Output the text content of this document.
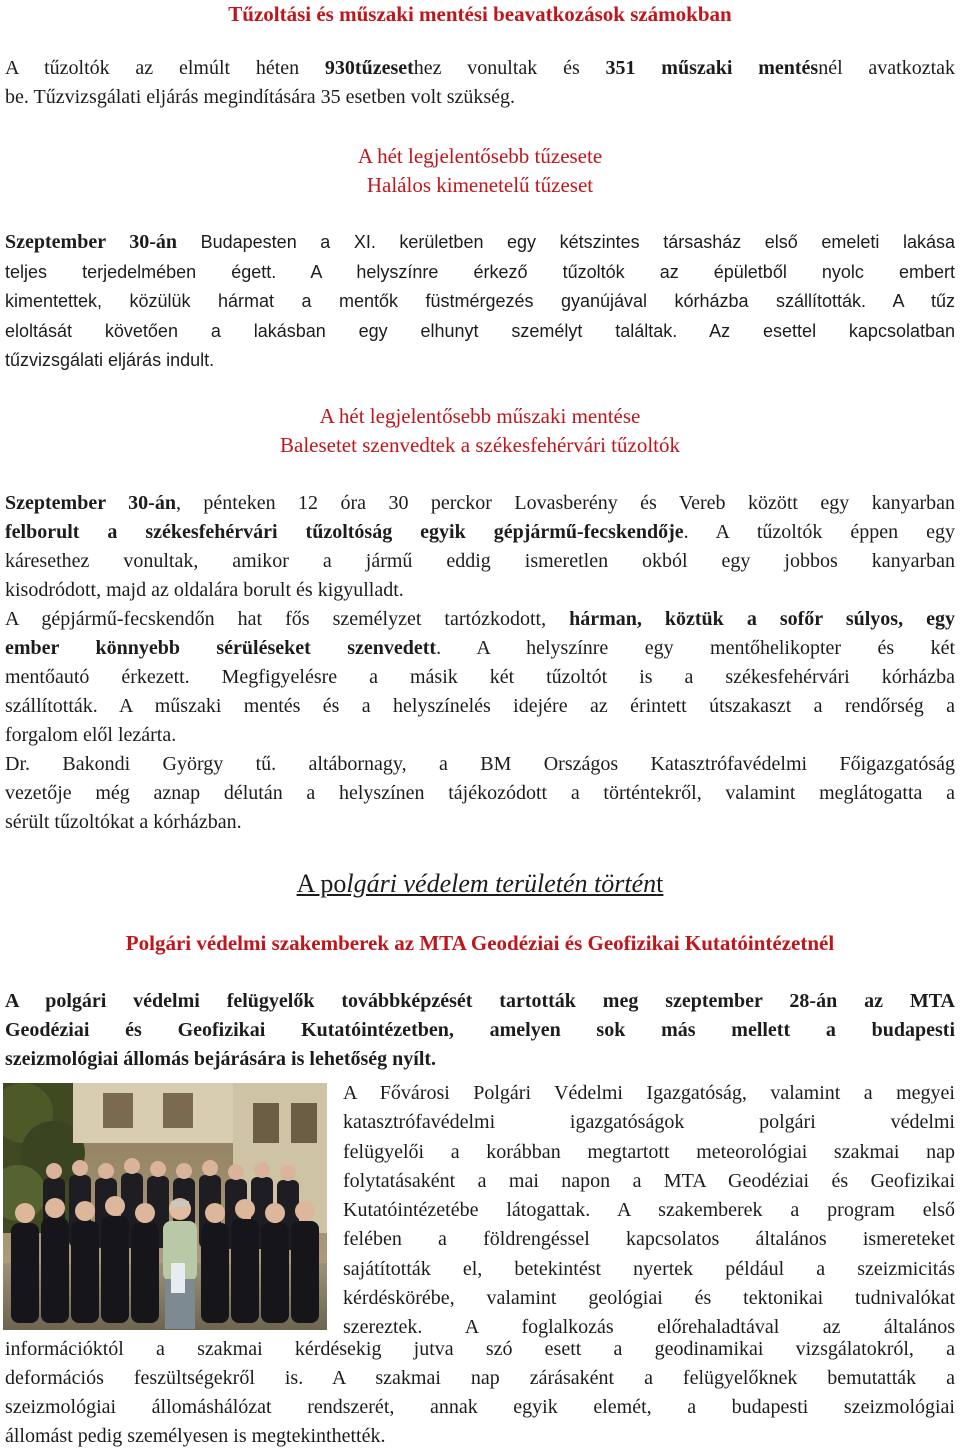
Tűzoltási és műszaki mentési beavatkozások számokban
A tűzoltók az elmúlt héten 930tűzesethez vonultak és 351 műszaki mentésnél avatkoztak
be. Tűzvizsgálati eljárás megindítására 35 esetben volt szükség.
A hét legjelentősebb tűzesete
Halálos kimenetelű tűzeset
Szeptember 30-án Budapesten a XI. kerületben egy kétszintes társasház első emeleti lakása
teljes terjedelmében égett. A helyszínre érkező tűzoltók az épületből nyolc embert
kimentettek, közülük hármat a mentők füstmérgezés gyanújával kórházba szállították. A tűz
eloltását követően a lakásban egy elhunyt személyt találtak. Az esettel kapcsolatban
tűzvizsgálati eljárás indult.
A hét legjelentősebb műszaki mentése
Balesetet szenvedtek a székesfehérvári tűzoltók
Szeptember 30-án, pénteken 12 óra 30 perckor Lovasberény és Vereb között egy kanyarban
felborult a székesfehérvári tűzoltóság egyik gépjármű-fecskendője. A tűzoltók éppen egy
káresethez vonultak, amikor a jármű eddig ismeretlen okból egy jobbos kanyarban
kisodródott, majd az oldalára borult és kigyulladt.
A gépjármű-fecskendőn hat fős személyzet tartózkodott, hárman, köztük a sofőr súlyos, egy
ember könnyebb sérüléseket szenvedett. A helyszínre egy mentőhelikopter és két
mentőautó érkezett. Megfigyelésre a másik két tűzoltót is a székesfehérvári kórházba
szállították. A műszaki mentés és a helyszínelés idejére az érintett útszakaszt a rendőrség a
forgalom elől lezárta.
Dr. Bakondi György tű. altábornagy, a BM Országos Katasztrófavédelmi Főigazgatóság
vezetője még aznap délután a helyszínen tájékozódott a történtekről, valamint meglátogatta a
sérült tűzoltókat a kórházban.
A polgári védelem területén történt
Polgári védelmi szakemberek az MTA Geodéziai és Geofizikai Kutatóintézetnél
A polgári védelmi felügyelők továbbképzését tartották meg szeptember 28-án az MTA
Geodéziai és Geofizikai Kutatóintézetben, amelyen sok más mellett a budapesti
szeizmológiai állomás bejárására is lehetőség nyílt.
A Fővárosi Polgári Védelmi Igazgatóság, valamint a megyei
katasztrófavédelmi igazgatóságok polgári védelmi
felügyelői a korábban megtartott meteorológiai szakmai nap
folytatásaként a mai napon a MTA Geodéziai és Geofizikai
Kutatóintézetébe látogattak. A szakemberek a program első
felében a földrengéssel kapcsolatos általános ismereteket
sajátították el, betekintést nyertek például a szeizmicitás
kérdéskörébe, valamint geológiai és tektonikai tudnivalókat
szereztek. A foglalkozás előrehaladtával az általános
információktól a szakmai kérdésekig jutva szó esett a geodinamikai vizsgálatokról, a
deformációs feszültségekről is. A szakmai nap zárásaként a felügyelőknek bemutatták a
szeizmológiai állomáshálózat rendszerét, annak egyik elemét, a budapesti szeizmológiai
állomást pedig személyesen is megtekinthették.
